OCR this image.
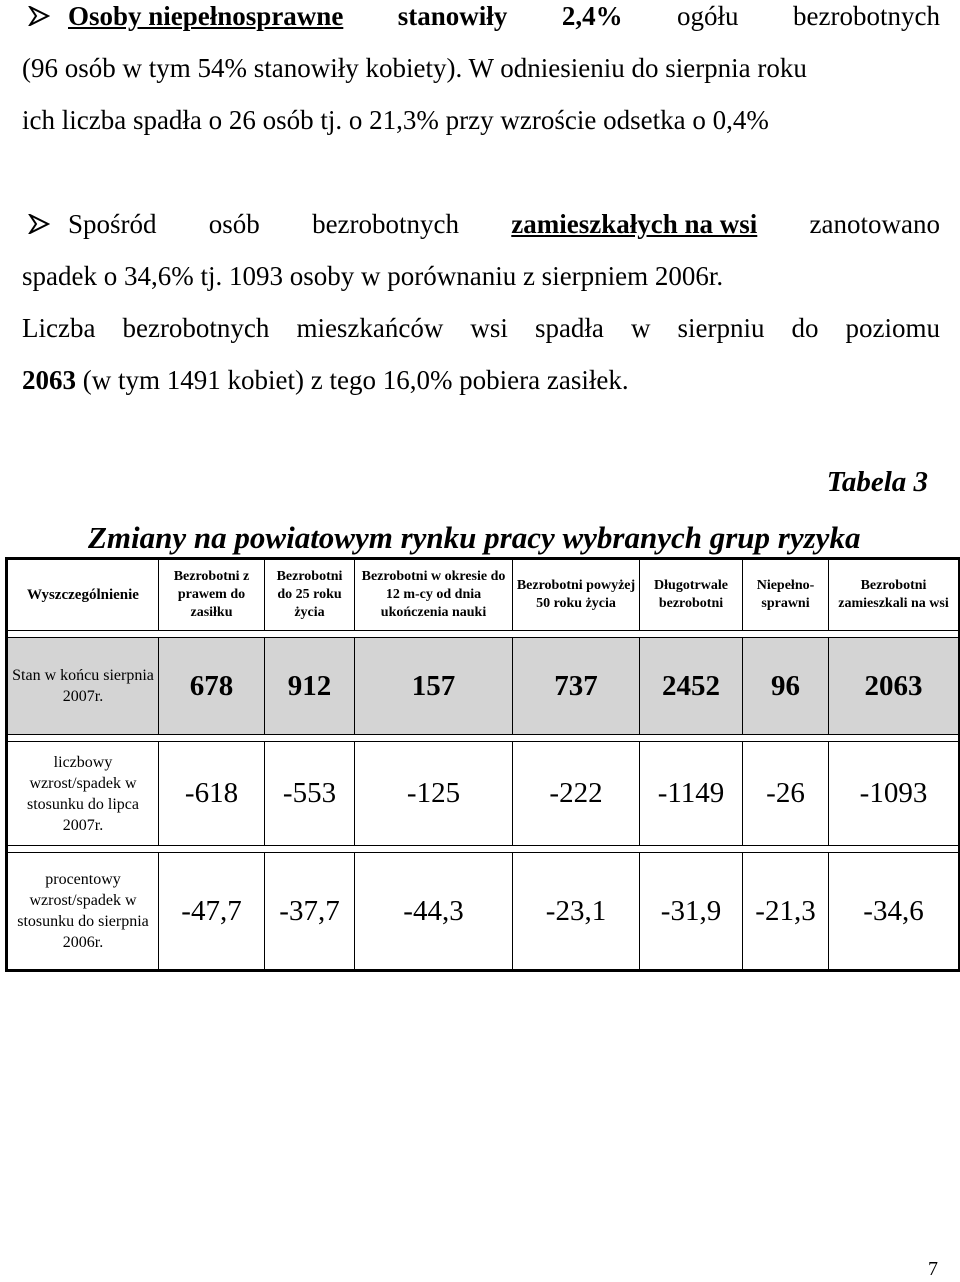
Osoby niepełnosprawne stanowiły 2,4% ogółu bezrobotnych
(96 osób w tym 54% stanowiły kobiety). W odniesieniu do sierpnia roku
ich liczba spadła o 26 osób tj. o 21,3% przy wzroście odsetka o 0,4%
Spośród osób bezrobotnych zamieszkałych na wsi zanotowano
spadek o 34,6% tj. 1093 osoby w porównaniu z sierpniem 2006r.
Liczba bezrobotnych mieszkańców wsi spadła w sierpniu do poziomu
2063 (w tym 1491 kobiet) z tego 16,0% pobiera zasiłek.
Tabela 3
Zmiany na powiatowym rynku pracy wybranych grup ryzyka
Wyszczególnienie	Bezrobotni z prawem do zasiłku	Bezrobotni do 25 roku życia	Bezrobotni w okresie do 12 m-cy od dnia ukończenia nauki	Bezrobotni powyżej 50 roku życia	Długotrwale bezrobotni	Niepełno-sprawni	Bezrobotni zamieszkali na wsi

Stan w końcu sierpnia 2007r.	678	912	157	737	2452	96	2063

liczbowy wzrost/spadek w stosunku do lipca 2007r.	-618	-553	-125	-222	-1149	-26	-1093

procentowy wzrost/spadek w stosunku do sierpnia 2006r.	-47,7	-37,7	-44,3	-23,1	-31,9	-21,3	-34,6
7
